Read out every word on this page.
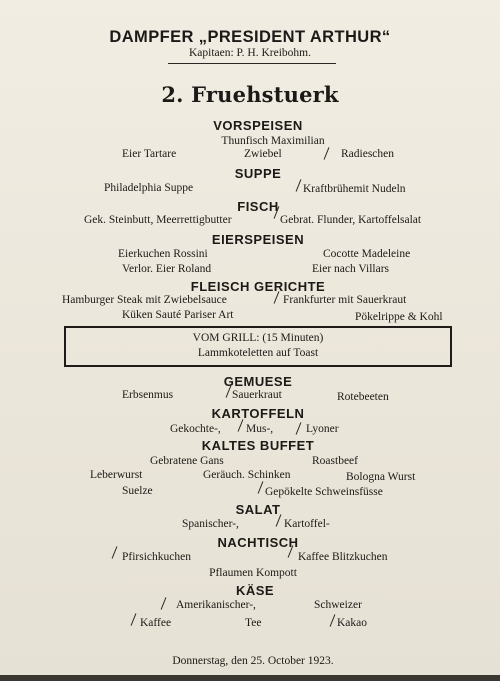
DAMPFER „PRESIDENT ARTHUR“
Kapitaen: P. H. Kreibohm.
2. Fruehstuerk
VORSPEISEN
Thunfisch Maximilian
Eier Tartare	Zwiebel	Radieschen
SUPPE
Philadelphia Suppe	Kraftbrühemit Nudeln
FISCH
Gek. Steinbutt, Meerrettigbutter	Gebrat. Flunder, Kartoffelsalat
EIERSPEISEN
Eierkuchen Rossini	Cocotte Madeleine
Verlor. Eier Roland	Eier nach Villars
FLEISCH GERICHTE
Hamburger Steak mit Zwiebelsauce	Frankfurter mit Sauerkraut
Küken Sauté Pariser Art	Pökelrippe & Kohl
VOM GRILL: (15 Minuten)
Lammkoteletten auf Toast
GEMUESE
Erbsenmus	Sauerkraut	Rotebeeten
KARTOFFELN
Gekochte-, Mus-,	Lyoner
KALTES BUFFET
Gebratene Gans	Roastbeef
Leberwurst	Geräuch. Schinken	Bologna Wurst
Suelze	Gepökelte Schweinsfüsse
SALAT
Spanischer-,	Kartoffel-
NACHTISCH
Pfirsichkuchen	Kaffee Blitzkuchen
Pflaumen Kompott
KÄSE
Amerikanischer-,	Schweizer
Kaffee	Tee	Kakao
Donnerstag, den 25. October 1923.
